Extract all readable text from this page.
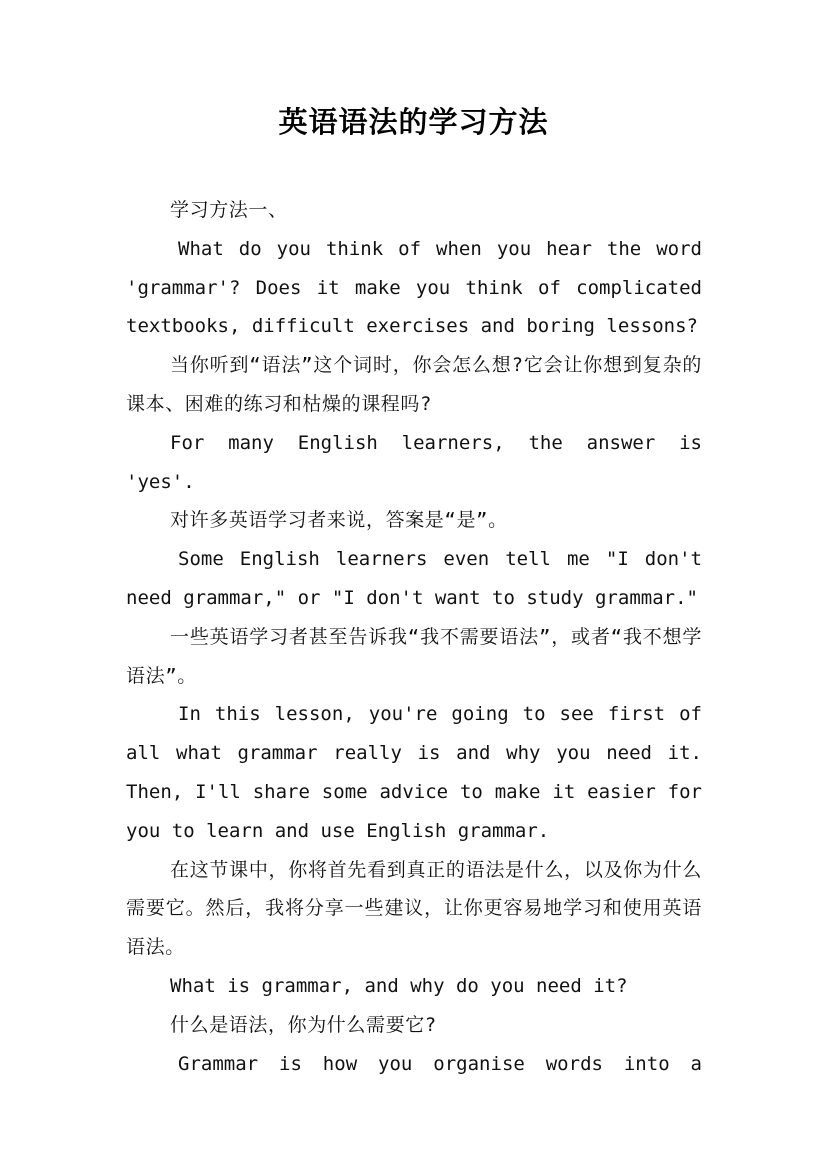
英语语法的学习方法

学习方法一、

What do you think of when you hear the word 'grammar'? Does it make you think of complicated textbooks, difficult exercises and boring lessons?

当你听到“语法”这个词时，你会怎么想?它会让你想到复杂的课本、困难的练习和枯燥的课程吗?

For many English learners, the answer is 'yes'.

对许多英语学习者来说，答案是“是”。

Some English learners even tell me "I don't need grammar," or "I don't want to study grammar."

一些英语学习者甚至告诉我“我不需要语法”，或者“我不想学语法”。

In this lesson, you're going to see first of all what grammar really is and why you need it. Then, I'll share some advice to make it easier for you to learn and use English grammar.

在这节课中，你将首先看到真正的语法是什么，以及你为什么需要它。然后，我将分享一些建议，让你更容易地学习和使用英语语法。

What is grammar, and why do you need it?

什么是语法，你为什么需要它?

Grammar is how you organise words into a
